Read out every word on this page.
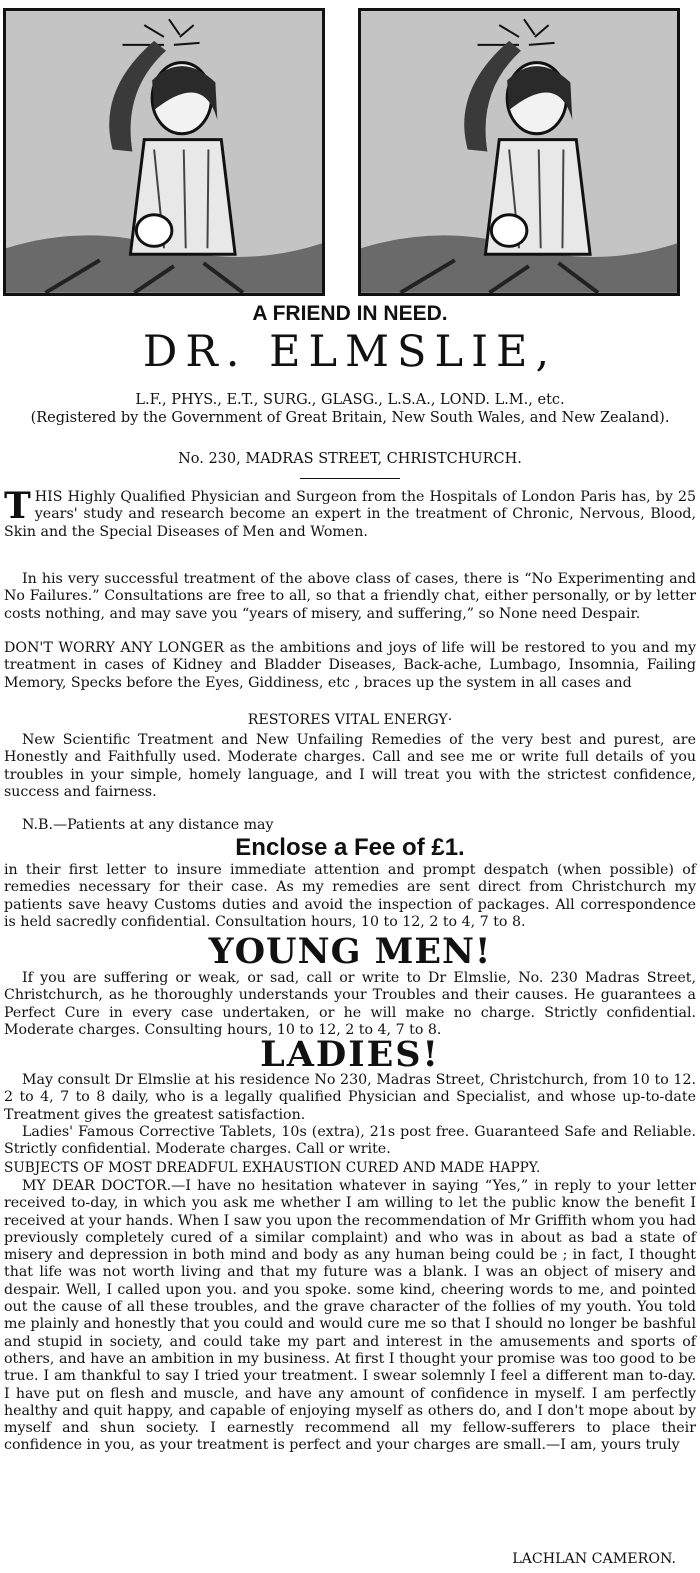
A FRIEND IN NEED.
DR. ELMSLIE,
L.F., PHYS., E.T., SURG., GLASG., L.S.A., LOND. L.M., etc.
(Registered by the Government of Great Britain, New South Wales, and New Zealand).
No. 230, MADRAS STREET, CHRISTCHURCH.
THIS Highly Qualified Physician and Surgeon from the Hospitals of London Paris has, by 25 years' study and research become an expert in the treatment of Chronic, Nervous, Blood, Skin and the Special Diseases of Men and Women.
In his very successful treatment of the above class of cases, there is “No Experimenting and No Failures.” Consultations are free to all, so that a friendly chat, either personally, or by letter costs nothing, and may save you “years of misery, and suffering,” so None need Despair.
DON'T WORRY ANY LONGER as the ambitions and joys of life will be restored to you and my treatment in cases of Kidney and Bladder Diseases, Back-ache, Lumbago, Insomnia, Failing Memory, Specks before the Eyes, Giddiness, etc , braces up the system in all cases and
RESTORES VITAL ENERGY·
New Scientific Treatment and New Unfailing Remedies of the very best and purest, are Honestly and Faithfully used. Moderate charges. Call and see me or write full details of you troubles in your simple, homely language, and I will treat you with the strictest confidence, success and fairness.
N.B.—Patients at any distance may
Enclose a Fee of £1.
in their first letter to insure immediate attention and prompt despatch (when possible) of remedies necessary for their case. As my remedies are sent direct from Christchurch my patients save heavy Customs duties and avoid the inspection of packages. All correspondence is held sacredly confidential. Consultation hours, 10 to 12, 2 to 4, 7 to 8.
YOUNG MEN!
If you are suffering or weak, or sad, call or write to Dr Elmslie, No. 230 Madras Street, Christchurch, as he thoroughly understands your Troubles and their causes. He guarantees a Perfect Cure in every case undertaken, or he will make no charge. Strictly confidential. Moderate charges. Consulting hours, 10 to 12, 2 to 4, 7 to 8.
LADIES!
May consult Dr Elmslie at his residence No 230, Madras Street, Christchurch, from 10 to 12. 2 to 4, 7 to 8 daily, who is a legally qualified Physician and Specialist, and whose up-to-date Treatment gives the greatest satisfaction.
Ladies' Famous Corrective Tablets, 10s (extra), 21s post free. Guaranteed Safe and Reliable. Strictly confidential. Moderate charges. Call or write.
SUBJECTS OF MOST DREADFUL EXHAUSTION CURED AND MADE HAPPY.
MY DEAR DOCTOR.—I have no hesitation whatever in saying “Yes,” in reply to your letter received to-day, in which you ask me whether I am willing to let the public know the benefit I received at your hands. When I saw you upon the recommendation of Mr Griffith whom you had previously completely cured of a similar complaint) and who was in about as bad a state of misery and depression in both mind and body as any human being could be ; in fact, I thought that life was not worth living and that my future was a blank. I was an object of misery and despair. Well, I called upon you. and you spoke. some kind, cheering words to me, and pointed out the cause of all these troubles, and the grave character of the follies of my youth. You told me plainly and honestly that you could and would cure me so that I should no longer be bashful and stupid in society, and could take my part and interest in the amusements and sports of others, and have an ambition in my business. At first I thought your promise was too good to be true. I am thankful to say I tried your treatment. I swear solemnly I feel a different man to-day. I have put on flesh and muscle, and have any amount of confidence in myself. I am perfectly healthy and quit happy, and capable of enjoying myself as others do, and I don't mope about by myself and shun society. I earnestly recommend all my fellow-sufferers to place their confidence in you, as your treatment is perfect and your charges are small.—I am, yours truly
LACHLAN CAMERON.
